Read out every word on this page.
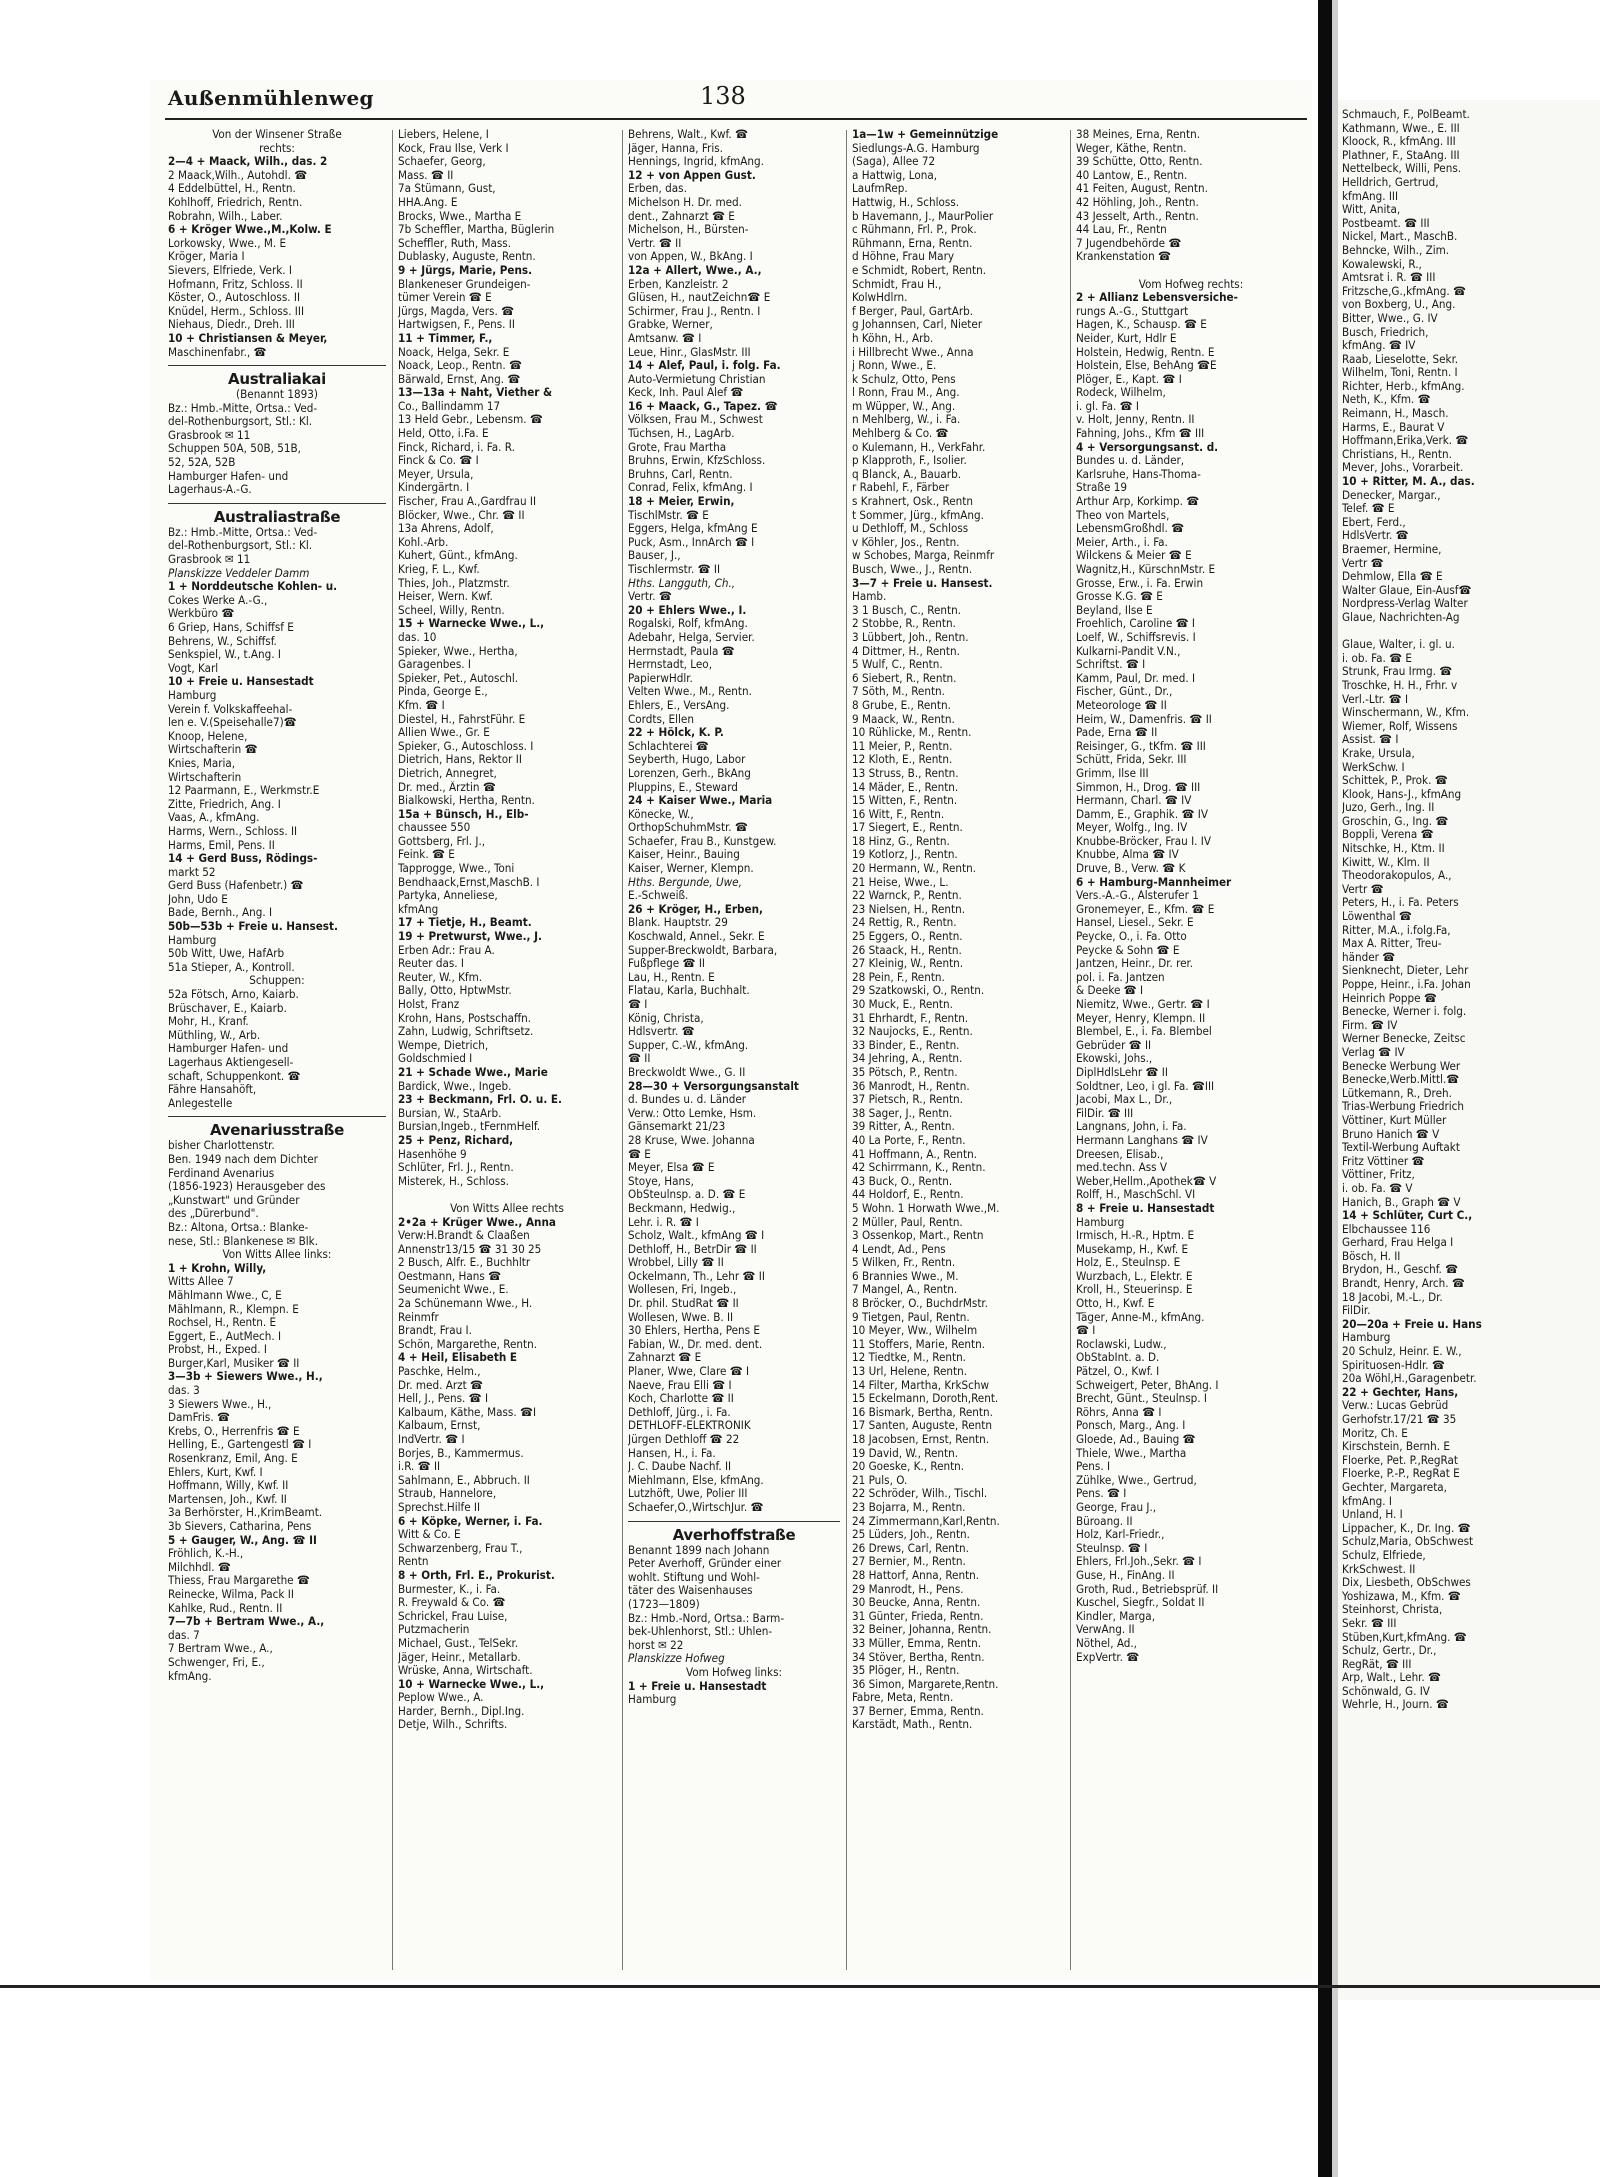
Außenmühlenweg	138
Von der Winsener Straße
rechts:
2—4 + Maack, Wilh., das. 2
2 Maack,Wilh., Autohdl. ☎
4 Eddelbüttel, H., Rentn.
Kohlhoff, Friedrich, Rentn.
Robrahn, Wilh., Laber.
6 + Kröger Wwe.,M.,Kolw. E
Lorkowsky, Wwe., M. E
Kröger, Maria I
Sievers, Elfriede, Verk. I
Hofmann, Fritz, Schloss. II
Köster, O., Autoschloss. II
Knüdel, Herm., Schloss. III
Niehaus, Diedr., Dreh. III
10 + Christiansen & Meyer,
Maschinenfabr., ☎
Australiakai
(Benannt 1893)
Bz.: Hmb.-Mitte, Ortsa.: Ved-
del-Rothenburgsort, Stl.: Kl.
Grasbrook ✉ 11
Schuppen 50A, 50B, 51B,
52, 52A, 52B
Hamburger Hafen- und
Lagerhaus-A.-G.
Australiastraße
Bz.: Hmb.-Mitte, Ortsa.: Ved-
del-Rothenburgsort, Stl.: Kl.
Grasbrook ✉ 11
Planskizze Veddeler Damm
1 + Norddeutsche Kohlen- u.
Cokes Werke A.-G.,
Werkbüro ☎
6 Griep, Hans, Schiffsf E
Behrens, W., Schiffsf.
Senkspiel, W., t.Ang. I
Vogt, Karl
10 + Freie u. Hansestadt
Hamburg
Verein f. Volkskaffeehal-
len e. V.(Speisehalle7)☎
Knoop, Helene,
Wirtschafterin ☎
Knies, Maria,
Wirtschafterin
12 Paarmann, E., Werkmstr.E
Zitte, Friedrich, Ang. I
Vaas, A., kfmAng.
Harms, Wern., Schloss. II
Harms, Emil, Pens. II
14 + Gerd Buss, Rödings-
markt 52
Gerd Buss (Hafenbetr.) ☎
John, Udo E
Bade, Bernh., Ang. I
50b—53b + Freie u. Hansest.
Hamburg
50b Witt, Uwe, HafArb
51a Stieper, A., Kontroll.
Schuppen:
52a Fötsch, Arno, Kaiarb.
Brüschaver, E., Kaiarb.
Mohr, H., Kranf.
Müthling, W., Arb.
Hamburger Hafen- und
Lagerhaus Aktiengesell-
schaft, Schuppenkont. ☎
Fähre Hansahöft,
Anlegestelle
Avenariusstraße
bisher Charlottenstr.
Ben. 1949 nach dem Dichter
Ferdinand Avenarius
(1856-1923) Herausgeber des
„Kunstwart" und Gründer
des „Dürerbund".
Bz.: Altona, Ortsa.: Blanke-
nese, Stl.: Blankenese ✉ Blk.
Von Witts Allee links:
1 + Krohn, Willy,
Witts Allee 7
Mählmann Wwe., C, E
Mählmann, R., Klempn. E
Rochsel, H., Rentn. E
Eggert, E., AutMech. I
Probst, H., Exped. I
Burger,Karl, Musiker ☎ II
3—3b + Siewers Wwe., H.,
das. 3
3 Siewers Wwe., H.,
DamFris. ☎
Krebs, O., Herrenfris ☎ E
Helling, E., Gartengestl ☎ I
Rosenkranz, Emil, Ang. E
Ehlers, Kurt, Kwf. I
Hoffmann, Willy, Kwf. II
Martensen, Joh., Kwf. II
3a Berhörster, H.,KrimBeamt.
3b Sievers, Catharina, Pens
5 + Gauger, W., Ang. ☎ II
Fröhlich, K.-H.,
Milchhdl. ☎
Thiess, Frau Margarethe ☎
Reinecke, Wilma, Pack II
Kahlke, Rud., Rentn. II
7—7b + Bertram Wwe., A.,
das. 7
7 Bertram Wwe., A.,
Schwenger, Fri, E.,
kfmAng.
Liebers, Helene, I
Kock, Frau Ilse, Verk I
Schaefer, Georg,
Mass. ☎ II
7a Stümann, Gust,
HHA.Ang. E
Brocks, Wwe., Martha E
7b Scheffler, Martha, Büglerin
Scheffler, Ruth, Mass.
Dublasky, Auguste, Rentn.
9 + Jürgs, Marie, Pens.
Blankeneser Grundeigen-
tümer Verein ☎ E
Jürgs, Magda, Vers. ☎
Hartwigsen, F., Pens. II
11 + Timmer, F.,
Noack, Helga, Sekr. E
Noack, Leop., Rentn. ☎
Bärwald, Ernst, Ang. ☎
13—13a + Naht, Viether &
Co., Ballindamm 17
13 Held Gebr., Lebensm. ☎
Held, Otto, i.Fa. E
Finck, Richard, i. Fa. R.
Finck & Co. ☎ I
Meyer, Ursula,
Kindergärtn. I
Fischer, Frau A.,Gardfrau II
Blöcker, Wwe., Chr. ☎ II
13a Ahrens, Adolf,
Kohl.-Arb.
Kuhert, Günt., kfmAng.
Krieg, F. L., Kwf.
Thies, Joh., Platzmstr.
Heiser, Wern. Kwf.
Scheel, Willy, Rentn.
15 + Warnecke Wwe., L.,
das. 10
Spieker, Wwe., Hertha,
Garagenbes. I
Spieker, Pet., Autoschl.
Pinda, George E.,
Kfm. ☎ I
Diestel, H., FahrstFühr. E
Allien Wwe., Gr. E
Spieker, G., Autoschloss. I
Dietrich, Hans, Rektor II
Dietrich, Annegret,
Dr. med., Ärztin ☎
Bialkowski, Hertha, Rentn.
15a + Bünsch, H., Elb-
chaussee 550
Gottsberg, Frl. J.,
Feink. ☎ E
Tapprogge, Wwe., Toni
Bendhaack,Ernst,MaschB. I
Partyka, Anneliese,
kfmAng
17 + Tietje, H., Beamt.
19 + Pretwurst, Wwe., J.
Erben Adr.: Frau A.
Reuter das. I
Reuter, W., Kfm.
Bally, Otto, HptwMstr.
Holst, Franz
Krohn, Hans, Postschaffn.
Zahn, Ludwig, Schriftsetz.
Wempe, Dietrich,
Goldschmied I
21 + Schade Wwe., Marie
Bardick, Wwe., Ingeb.
23 + Beckmann, Frl. O. u. E.
Bursian, W., StaArb.
Bursian,Ingeb., tFernmHelf.
25 + Penz, Richard,
Hasenhöhe 9
Schlüter, Frl. J., Rentn.
Misterek, H., Schloss.

Von Witts Allee rechts
2•2a + Krüger Wwe., Anna
Verw:H.Brandt & Claaßen
Annenstr13/15 ☎ 31 30 25
2 Busch, Alfr. E., Buchhltr
Oestmann, Hans ☎
Seumenicht Wwe., E.
2a Schünemann Wwe., H.
Reinmfr
Brandt, Frau I.
Schön, Margarethe, Rentn.
4 + Heil, Elisabeth E
Paschke, Helm.,
Dr. med. Arzt ☎
Hell, J., Pens. ☎ I
Kalbaum, Käthe, Mass. ☎I
Kalbaum, Ernst,
IndVertr. ☎ I
Borjes, B., Kammermus.
i.R. ☎ II
Sahlmann, E., Abbruch. II
Straub, Hannelore,
Sprechst.Hilfe II
6 + Köpke, Werner, i. Fa.
Witt & Co. E
Schwarzenberg, Frau T.,
Rentn
8 + Orth, Frl. E., Prokurist.
Burmester, K., i. Fa.
R. Freywald & Co. ☎
Schrickel, Frau Luise,
Putzmacherin
Michael, Gust., TelSekr.
Jäger, Heinr., Metallarb.
Wrüske, Anna, Wirtschaft.
10 + Warnecke Wwe., L.,
Peplow Wwe., A.
Harder, Bernh., Dipl.Ing.
Detje, Wilh., Schrifts.
Behrens, Walt., Kwf. ☎
Jäger, Hanna, Fris.
Hennings, Ingrid, kfmAng.
12 + von Appen Gust.
Erben, das.
Michelson H. Dr. med.
dent., Zahnarzt ☎ E
Michelson, H., Bürsten-
Vertr. ☎ II
von Appen, W., BkAng. I
12a + Allert, Wwe., A.,
Erben, Kanzleistr. 2
Glüsen, H., nautZeichn☎ E
Schirmer, Frau J., Rentn. I
Grabke, Werner,
Amtsanw. ☎ I
Leue, Hinr., GlasMstr. III
14 + Alef, Paul, i. folg. Fa.
Auto-Vermietung Christian
Keck, Inh. Paul Alef ☎
16 + Maack, G., Tapez. ☎
Völksen, Frau M., Schwest
Tüchsen, H., LagArb.
Grote, Frau Martha
Bruhns, Erwin, KfzSchloss.
Bruhns, Carl, Rentn.
Conrad, Felix, kfmAng. I
18 + Meier, Erwin,
TischlMstr. ☎ E
Eggers, Helga, kfmAng E
Puck, Asm., InnArch ☎ I
Bauser, J.,
Tischlermstr. ☎ II
Hths. Langguth, Ch.,
Vertr. ☎
20 + Ehlers Wwe., I.
Rogalski, Rolf, kfmAng.
Adebahr, Helga, Servier.
Herrnstadt, Paula ☎
Herrnstadt, Leo,
PapierwHdlr.
Velten Wwe., M., Rentn.
Ehlers, E., VersAng.
Cordts, Ellen
22 + Hölck, K. P.
Schlachterei ☎
Seyberth, Hugo, Labor
Lorenzen, Gerh., BkAng
Pluppins, E., Steward
24 + Kaiser Wwe., Maria
Könecke, W.,
OrthopSchuhmMstr. ☎
Schaefer, Frau B., Kunstgew.
Kaiser, Heinr., Bauing
Kaiser, Werner, Klempn.
Hths. Bergunde, Uwe,
E.-Schweiß.
26 + Kröger, H., Erben,
Blank. Hauptstr. 29
Koschwald, Annel., Sekr. E
Supper-Breckwoldt, Barbara,
Fußpflege ☎ II
Lau, H., Rentn. E
Flatau, Karla, Buchhalt.
☎ I
König, Christa,
Hdlsvertr. ☎
Supper, C.-W., kfmAng.
☎ II
Breckwoldt Wwe., G. II
28—30 + Versorgungsanstalt
d. Bundes u. d. Länder
Verw.: Otto Lemke, Hsm.
Gänsemarkt 21/23
28 Kruse, Wwe. Johanna
☎ E
Meyer, Elsa ☎ E
Stoye, Hans,
ObSteulnsp. a. D. ☎ E
Beckmann, Hedwig.,
Lehr. i. R. ☎ I
Scholz, Walt., kfmAng ☎ I
Dethloff, H., BetrDir ☎ II
Wrobbel, Lilly ☎ II
Ockelmann, Th., Lehr ☎ II
Wollesen, Fri, Ingeb.,
Dr. phil. StudRat ☎ II
Wollesen, Wwe. B. II
30 Ehlers, Hertha, Pens E
Fabian, W., Dr. med. dent.
Zahnarzt ☎ E
Planer, Wwe, Clare ☎ I
Naeve, Frau Elli ☎ I
Koch, Charlotte ☎ II
Dethloff, Jürg., i. Fa.
DETHLOFF-ELEKTRONIK
Jürgen Dethloff ☎ 22
Hansen, H., i. Fa.
J. C. Daube Nachf. II
Miehlmann, Else, kfmAng.
Lutzhöft, Uwe, Polier III
Schaefer,O.,WirtschJur. ☎
Averhoffstraße
Benannt 1899 nach Johann
Peter Averhoff, Gründer einer
wohlt. Stiftung und Wohl-
täter des Waisenhauses
(1723—1809)
Bz.: Hmb.-Nord, Ortsa.: Barm-
bek-Uhlenhorst, Stl.: Uhlen-
horst ✉ 22
Planskizze Hofweg
Vom Hofweg links:
1 + Freie u. Hansestadt
Hamburg
1a—1w + Gemeinnützige
Siedlungs-A.G. Hamburg
(Saga), Allee 72
a Hattwig, Lona,
LaufmRep.
Hattwig, H., Schloss.
b Havemann, J., MaurPolier
c Rühmann, Frl. P., Prok.
Rühmann, Erna, Rentn.
d Höhne, Frau Mary
e Schmidt, Robert, Rentn.
Schmidt, Frau H.,
KolwHdlrn.
f Berger, Paul, GartArb.
g Johannsen, Carl, Nieter
h Köhn, H., Arb.
i Hillbrecht Wwe., Anna
j Ronn, Wwe., E.
k Schulz, Otto, Pens
l Ronn, Frau M., Ang.
m Wüpper, W., Ang.
n Mehlberg, W., i. Fa.
Mehlberg & Co. ☎
o Kulemann, H., VerkFahr.
p Klapproth, F., Isolier.
q Blanck, A., Bauarb.
r Rabehl, F., Färber
s Krahnert, Osk., Rentn
t Sommer, Jürg., kfmAng.
u Dethloff, M., Schloss
v Köhler, Jos., Rentn.
w Schobes, Marga, Reinmfr
Busch, Wwe., J., Rentn.
3—7 + Freie u. Hansest.
Hamb.
3 1 Busch, C., Rentn.
2 Stobbe, R., Rentn.
3 Lübbert, Joh., Rentn.
4 Dittmer, H., Rentn.
5 Wulf, C., Rentn.
6 Siebert, R., Rentn.
7 Söth, M., Rentn.
8 Grube, E., Rentn.
9 Maack, W., Rentn.
10 Rühlicke, M., Rentn.
11 Meier, P., Rentn.
12 Kloth, E., Rentn.
13 Struss, B., Rentn.
14 Mäder, E., Rentn.
15 Witten, F., Rentn.
16 Witt, F., Rentn.
17 Siegert, E., Rentn.
18 Hinz, G., Rentn.
19 Kotlorz, J., Rentn.
20 Hermann, W., Rentn.
21 Heise, Wwe., L.
22 Warnck, P., Rentn.
23 Nielsen, H., Rentn.
24 Rettig, R., Rentn.
25 Eggers, O., Rentn.
26 Staack, H., Rentn.
27 Kleinig, W., Rentn.
28 Pein, F., Rentn.
29 Szatkowski, O., Rentn.
30 Muck, E., Rentn.
31 Ehrhardt, F., Rentn.
32 Naujocks, E., Rentn.
33 Binder, E., Rentn.
34 Jehring, A., Rentn.
35 Pötsch, P., Rentn.
36 Manrodt, H., Rentn.
37 Pietsch, R., Rentn.
38 Sager, J., Rentn.
39 Ritter, A., Rentn.
40 La Porte, F., Rentn.
41 Hoffmann, A., Rentn.
42 Schirrmann, K., Rentn.
43 Buck, O., Rentn.
44 Holdorf, E., Rentn.
5 Wohn. 1 Horwath Wwe.,M.
2 Müller, Paul, Rentn.
3 Ossenkop, Mart., Rentn
4 Lendt, Ad., Pens
5 Wilken, Fr., Rentn.
6 Brannies Wwe., M.
7 Mangel, A., Rentn.
8 Bröcker, O., BuchdrMstr.
9 Tietgen, Paul, Rentn.
10 Meyer, Ww., Wilhelm
11 Stoffers, Marie, Rentn.
12 Tiedtke, M., Rentn.
13 Url, Helene, Rentn.
14 Filter, Martha, KrkSchw
15 Eckelmann, Doroth,Rent.
16 Bismark, Bertha, Rentn.
17 Santen, Auguste, Rentn
18 Jacobsen, Ernst, Rentn.
19 David, W., Rentn.
20 Goeske, K., Rentn.
21 Puls, O.
22 Schröder, Wilh., Tischl.
23 Bojarra, M., Rentn.
24 Zimmermann,Karl,Rentn.
25 Lüders, Joh., Rentn.
26 Drews, Carl, Rentn.
27 Bernier, M., Rentn.
28 Hattorf, Anna, Rentn.
29 Manrodt, H., Pens.
30 Beucke, Anna, Rentn.
31 Günter, Frieda, Rentn.
32 Beiner, Johanna, Rentn.
33 Müller, Emma, Rentn.
34 Stöver, Bertha, Rentn.
35 Plöger, H., Rentn.
36 Simon, Margarete,Rentn.
Fabre, Meta, Rentn.
37 Berner, Emma, Rentn.
Karstädt, Math., Rentn.
38 Meines, Erna, Rentn.
Weger, Käthe, Rentn.
39 Schütte, Otto, Rentn.
40 Lantow, E., Rentn.
41 Feiten, August, Rentn.
42 Höhling, Joh., Rentn.
43 Jesselt, Arth., Rentn.
44 Lau, Fr., Rentn
7 Jugendbehörde ☎
Krankenstation ☎

Vom Hofweg rechts:
2 + Allianz Lebensversiche-
rungs A.-G., Stuttgart
Hagen, K., Schausp. ☎ E
Neider, Kurt, Hdlr E
Holstein, Hedwig, Rentn. E
Holstein, Else, BehAng ☎E
Plöger, E., Kapt. ☎ I
Rodeck, Wilhelm,
i. gl. Fa. ☎ I
v. Holt, Jenny, Rentn. II
Fahning, Johs., Kfm ☎ III
4 + Versorgungsanst. d.
Bundes u. d. Länder,
Karlsruhe, Hans-Thoma-
Straße 19
Arthur Arp, Korkimp. ☎
Theo von Martels,
LebensmGroßhdl. ☎
Meier, Arth., i. Fa.
Wilckens & Meier ☎ E
Wagnitz,H., KürschnMstr. E
Grosse, Erw., i. Fa. Erwin
Grosse K.G. ☎ E
Beyland, Ilse E
Froehlich, Caroline ☎ I
Loelf, W., Schiffsrevis. I
Kulkarni-Pandit V.N.,
Schriftst. ☎ I
Kamm, Paul, Dr. med. I
Fischer, Günt., Dr.,
Meteorologe ☎ II
Heim, W., Damenfris. ☎ II
Pade, Erna ☎ II
Reisinger, G., tKfm. ☎ III
Schütt, Frida, Sekr. III
Grimm, Ilse III
Simmon, H., Drog. ☎ III
Hermann, Charl. ☎ IV
Damm, E., Graphik. ☎ IV
Meyer, Wolfg., Ing. IV
Knubbe-Bröcker, Frau I. IV
Knubbe, Alma ☎ IV
Druve, B., Verw. ☎ K
6 + Hamburg-Mannheimer
Vers.-A.-G., Alsterufer 1
Gronemeyer, E., Kfm. ☎ E
Hansel, Liesel., Sekr. E
Peycke, O., i. Fa. Otto
Peycke & Sohn ☎ E
Jantzen, Heinr., Dr. rer.
pol. i. Fa. Jantzen
& Deeke ☎ I
Niemitz, Wwe., Gertr. ☎ I
Meyer, Henry, Klempn. II
Blembel, E., i. Fa. Blembel
Gebrüder ☎ II
Ekowski, Johs.,
DiplHdlsLehr ☎ II
Soldtner, Leo, i gl. Fa. ☎III
Jacobi, Max L., Dr.,
FilDir. ☎ III
Langnans, John, i. Fa.
Hermann Langhans ☎ IV
Dreesen, Elisab.,
med.techn. Ass V
Weber,Hellm.,Apothek☎ V
Rolff, H., MaschSchl. VI
8 + Freie u. Hansestadt
Hamburg
Irmisch, H.-R., Hptm. E
Musekamp, H., Kwf. E
Holz, E., Steulnsp. E
Wurzbach, L., Elektr. E
Kroll, H., Steuerinsp. E
Otto, H., Kwf. E
Täger, Anne-M., kfmAng.
☎ I
Roclawski, Ludw.,
ObStabInt. a. D.
Pätzel, O., Kwf. I
Schweigert, Peter, BhAng. I
Brecht, Günt., Steulnsp. I
Röhrs, Anna ☎ I
Ponsch, Marg., Ang. I
Gloede, Ad., Bauing ☎
Thiele, Wwe., Martha
Pens. I
Zühlke, Wwe., Gertrud,
Pens. ☎ I
George, Frau J.,
Büroang. II
Holz, Karl-Friedr.,
Steulnsp. ☎ I
Ehlers, Frl.Joh.,Sekr. ☎ I
Guse, H., FinAng. II
Groth, Rud., Betriebsprüf. II
Kuschel, Siegfr., Soldat II
Kindler, Marga,
VerwAng. II
Nöthel, Ad.,
ExpVertr. ☎
Schmauch, F., PolBeamt.
Kathmann, Wwe., E. III
Kloock, R., kfmAng. III
Plathner, F., StaAng. III
Nettelbeck, Willi, Pens.
Helldrich, Gertrud,
kfmAng. III
Witt, Anita,
Postbeamt. ☎ III
Nickel, Mart., MaschB.
Behncke, Wilh., Zim.
Kowalewski, R.,
Amtsrat i. R. ☎ III
Fritzsche,G.,kfmAng. ☎
von Boxberg, U., Ang.
Bitter, Wwe., G. IV
Busch, Friedrich,
kfmAng. ☎ IV
Raab, Lieselotte, Sekr.
Wilhelm, Toni, Rentn. I
Richter, Herb., kfmAng.
Neth, K., Kfm. ☎
Reimann, H., Masch.
Harms, E., Baurat V
Hoffmann,Erika,Verk. ☎
Christians, H., Rentn.
Mever, Johs., Vorarbeit.
10 + Ritter, M. A., das.
Denecker, Margar.,
Telef. ☎ E
Ebert, Ferd.,
HdlsVertr. ☎
Braemer, Hermine,
Vertr ☎
Dehmlow, Ella ☎ E
Walter Glaue, Ein-Ausf☎
Nordpress-Verlag Walter
Glaue, Nachrichten-Ag

Glaue, Walter, i. gl. u.
i. ob. Fa. ☎ E
Strunk, Frau Irmg. ☎
Troschke, H. H., Frhr. v
Verl.-Ltr. ☎ I
Winschermann, W., Kfm.
Wiemer, Rolf, Wissens
Assist. ☎ I
Krake, Ursula,
WerkSchw. I
Schittek, P., Prok. ☎
Klook, Hans-J., kfmAng
Juzo, Gerh., Ing. II
Groschin, G., Ing. ☎
Boppli, Verena ☎
Nitschke, H., Ktm. II
Kiwitt, W., Klm. II
Theodorakopulos, A.,
Vertr ☎
Peters, H., i. Fa. Peters
Löwenthal ☎
Ritter, M.A., i.folg.Fa,
Max A. Ritter, Treu-
händer ☎
Sienknecht, Dieter, Lehr
Poppe, Heinr., i.Fa. Johan
Heinrich Poppe ☎
Benecke, Werner i. folg.
Firm. ☎ IV
Werner Benecke, Zeitsc
Verlag ☎ IV
Benecke Werbung Wer
Benecke,Werb.Mittl.☎
Lütkemann, R., Dreh.
Trias-Werbung Friedrich
Vöttiner, Kurt Müller
Bruno Hanich ☎ V
Textil-Werbung Auftakt
Fritz Vöttiner ☎
Vöttiner, Fritz,
i. ob. Fa. ☎ V
Hanich, B., Graph ☎ V
14 + Schlüter, Curt C.,
Elbchaussee 116
Gerhard, Frau Helga I
Bösch, H. II
Brydon, H., Geschf. ☎
Brandt, Henry, Arch. ☎
18 Jacobi, M.-L., Dr.
FilDir.
20—20a + Freie u. Hans
Hamburg
20 Schulz, Heinr. E. W.,
Spirituosen-Hdlr. ☎
20a Wöhl,H.,Garagenbetr.
22 + Gechter, Hans,
Verw.: Lucas Gebrüd
Gerhofstr.17/21 ☎ 35
Moritz, Ch. E
Kirschstein, Bernh. E
Floerke, Pet. P.,RegRat
Floerke, P.-P., RegRat E
Gechter, Margareta,
kfmAng. I
Unland, H. I
Lippacher, K., Dr. Ing. ☎
Schulz,Maria, ObSchwest
Schulz, Elfriede,
KrkSchwest. II
Dix, Liesbeth, ObSchwes
Yoshizawa, M., Kfm. ☎
Steinhorst, Christa,
Sekr. ☎ III
Stüben,Kurt,kfmAng. ☎
Schulz, Gertr., Dr.,
RegRät, ☎ III
Arp, Walt., Lehr. ☎
Schönwald, G. IV
Wehrle, H., Journ. ☎
